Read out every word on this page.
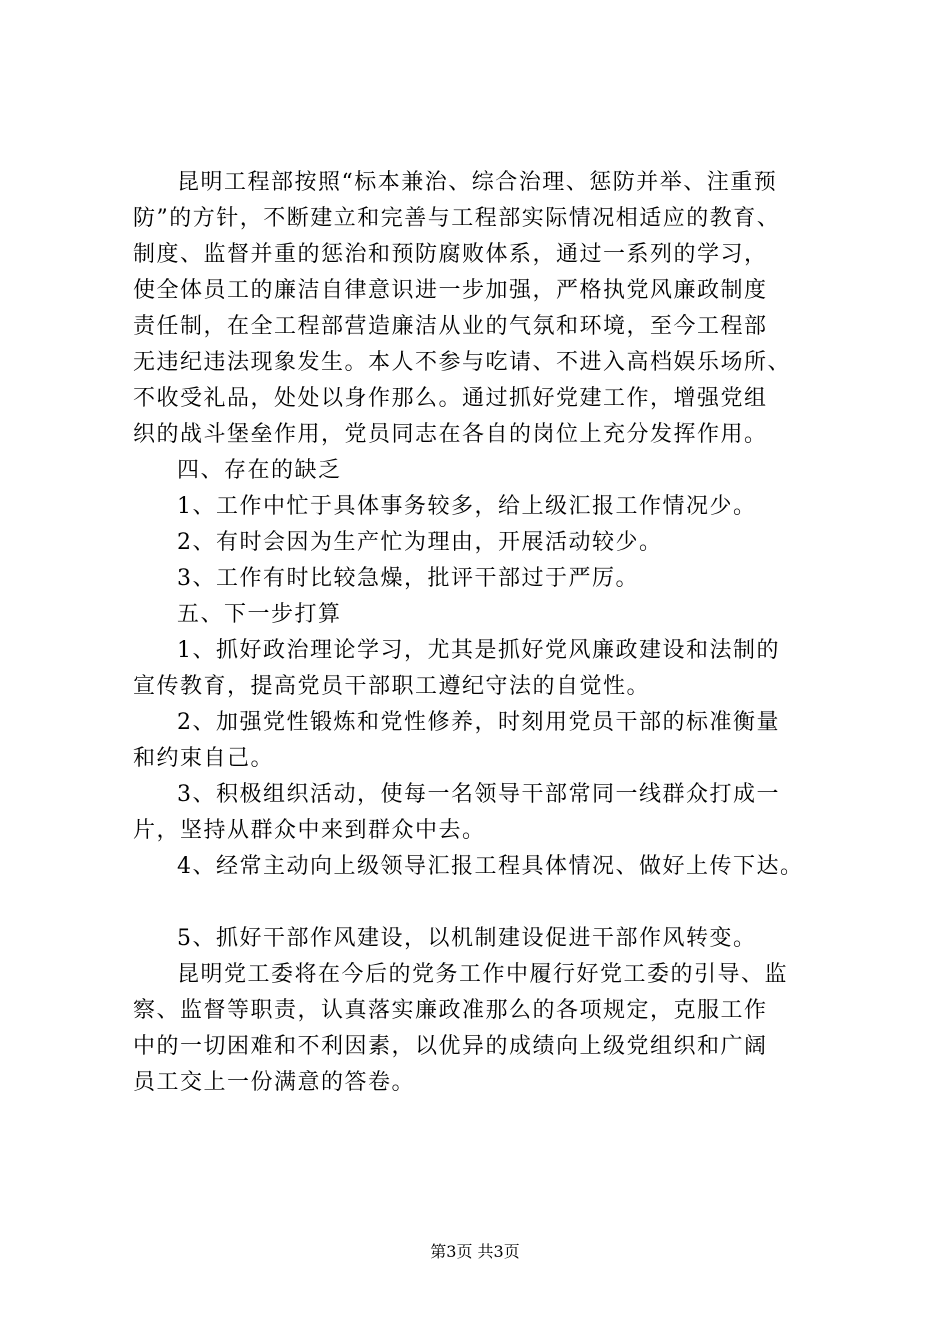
昆明工程部按照“标本兼治、综合治理、惩防并举、注重预
防”的方针，不断建立和完善与工程部实际情况相适应的教育、
制度、监督并重的惩治和预防腐败体系，通过一系列的学习，
使全体员工的廉洁自律意识进一步加强，严格执党风廉政制度
责任制，在全工程部营造廉洁从业的气氛和环境，至今工程部
无违纪违法现象发生。本人不参与吃请、不进入高档娱乐场所、
不收受礼品，处处以身作那么。通过抓好党建工作，增强党组
织的战斗堡垒作用，党员同志在各自的岗位上充分发挥作用。
四、存在的缺乏
1、工作中忙于具体事务较多，给上级汇报工作情况少。
2、有时会因为生产忙为理由，开展活动较少。
3、工作有时比较急燥，批评干部过于严厉。
五、下一步打算
1、抓好政治理论学习，尤其是抓好党风廉政建设和法制的
宣传教育，提高党员干部职工遵纪守法的自觉性。
2、加强党性锻炼和党性修养，时刻用党员干部的标准衡量
和约束自己。
3、积极组织活动，使每一名领导干部常同一线群众打成一
片，坚持从群众中来到群众中去。
4、经常主动向上级领导汇报工程具体情况、做好上传下达。
5、抓好干部作风建设，以机制建设促进干部作风转变。
昆明党工委将在今后的党务工作中履行好党工委的引导、监
察、监督等职责，认真落实廉政准那么的各项规定，克服工作
中的一切困难和不利因素，以优异的成绩向上级党组织和广阔
员工交上一份满意的答卷。
第3页 共3页
